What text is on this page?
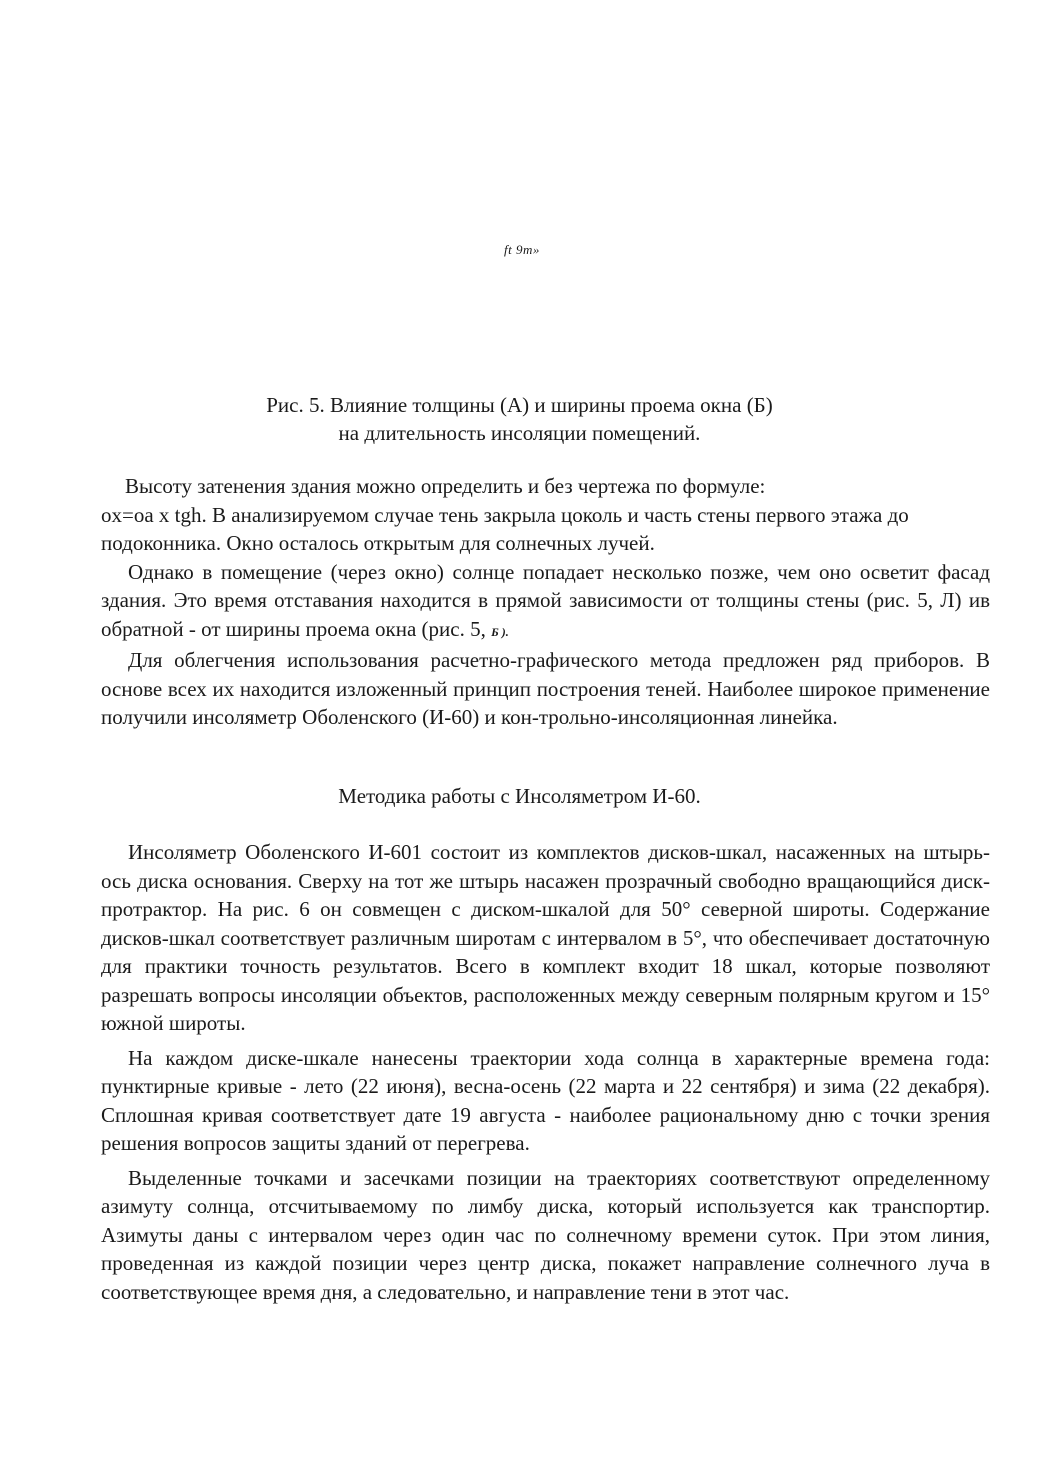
ft 9m»
Рис. 5. Влияние толщины (А) и ширины проема окна (Б)
на длительность инсоляции помещений.

Высоту затенения здания можно определить и без чертежа по формуле:

ox=oa x tgh. В анализируемом случае тень закрыла цоколь и часть стены первого этажа до подоконника. Окно осталось открытым для солнечных лучей.

Однако в помещение (через окно) солнце попадает несколько позже, чем оно осветит фасад здания. Это время отставания находится в прямой зависимости от толщины стены (рис. 5, Л) ив обратной - от ширины проема окна (рис. 5, Б ).

Для облегчения использования расчетно-графического метода предложен ряд приборов. В основе всех их находится изложенный принцип построения теней. Наиболее широкое применение получили инсоляметр Оболенского (И-60) и кон-трольно-инсоляционная линейка.

Методика работы с Инсоляметром И-60.

Инсоляметр Оболенского И-601 состоит из комплектов дисков-шкал, насаженных на штырь-ось диска основания. Сверху на тот же штырь насажен прозрачный свободно вращающийся диск-протрактор. На рис. 6 он совмещен с диском-шкалой для 50° северной широты. Содержание дисков-шкал соответствует различным широтам с интервалом в 5°, что обеспечивает достаточную для практики точность результатов. Всего в комплект входит 18 шкал, которые позволяют разрешать вопросы инсоляции объектов, расположенных между северным полярным кругом и 15° южной широты.

На каждом диске-шкале нанесены траектории хода солнца в характерные времена года: пунктирные кривые - лето (22 июня), весна-осень (22 марта и 22 сентября) и зима (22 декабря). Сплошная кривая соответствует дате 19 августа - наиболее рациональному дню с точки зрения решения вопросов защиты зданий от перегрева.

Выделенные точками и засечками позиции на траекториях соответствуют определенному азимуту солнца, отсчитываемому по лимбу диска, который используется как транспортир. Азимуты даны с интервалом через один час по солнечному времени суток. При этом линия, проведенная из каждой позиции через центр диска, покажет направление солнечного луча в соответствующее время дня, а следовательно, и направление тени в этот час.
